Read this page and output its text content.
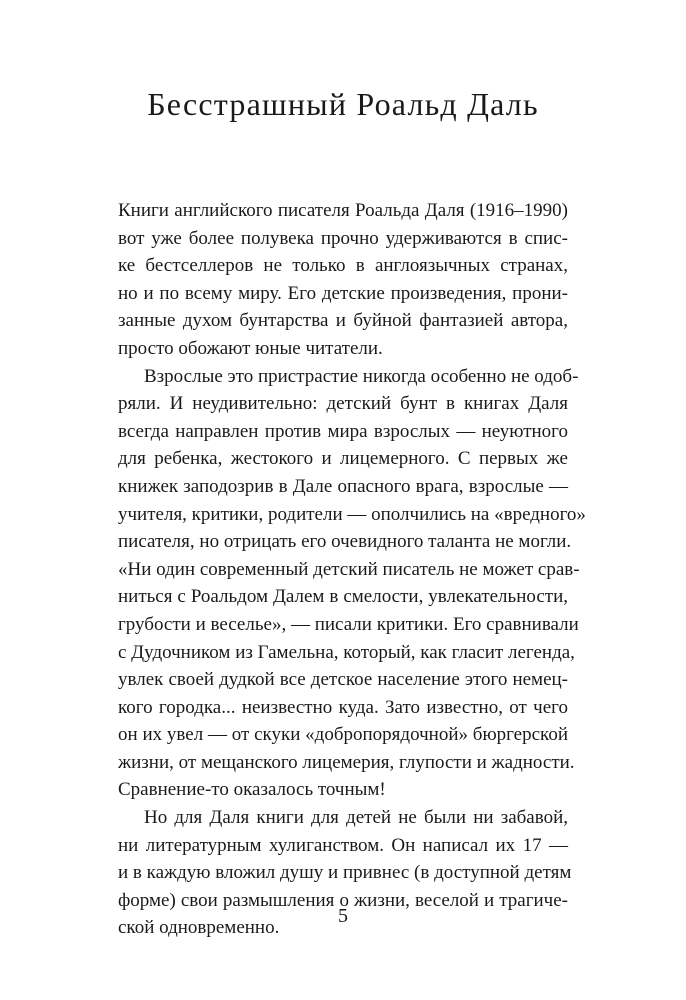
Бесстрашный Роальд Даль
Книги английского писателя Роальда Даля (1916–1990)
вот уже более полувека прочно удерживаются в спис-
ке бестселлеров не только в англоязычных странах,
но и по всему миру. Его детские произведения, прони-
занные духом бунтарства и буйной фантазией автора,
просто обожают юные читатели.
Взрослые это пристрастие никогда особенно не одоб-
ряли. И неудивительно: детский бунт в книгах Даля
всегда направлен против мира взрослых — неуютного
для ребенка, жестокого и лицемерного. С первых же
книжек заподозрив в Дале опасного врага, взрослые —
учителя, критики, родители — ополчились на «вредного»
писателя, но отрицать его очевидного таланта не могли.
«Ни один современный детский писатель не может срав-
ниться с Роальдом Далем в смелости, увлекательности,
грубости и веселье», — писали критики. Его сравнивали
с Дудочником из Гамельна, который, как гласит легенда,
увлек своей дудкой все детское население этого немец-
кого городка... неизвестно куда. Зато известно, от чего
он их увел — от скуки «добропорядочной» бюргерской
жизни, от мещанского лицемерия, глупости и жадности.
Сравнение-то оказалось точным!
Но для Даля книги для детей не были ни забавой,
ни литературным хулиганством. Он написал их 17 —
и в каждую вложил душу и привнес (в доступной детям
форме) свои размышления о жизни, веселой и трагиче-
ской одновременно.
5
